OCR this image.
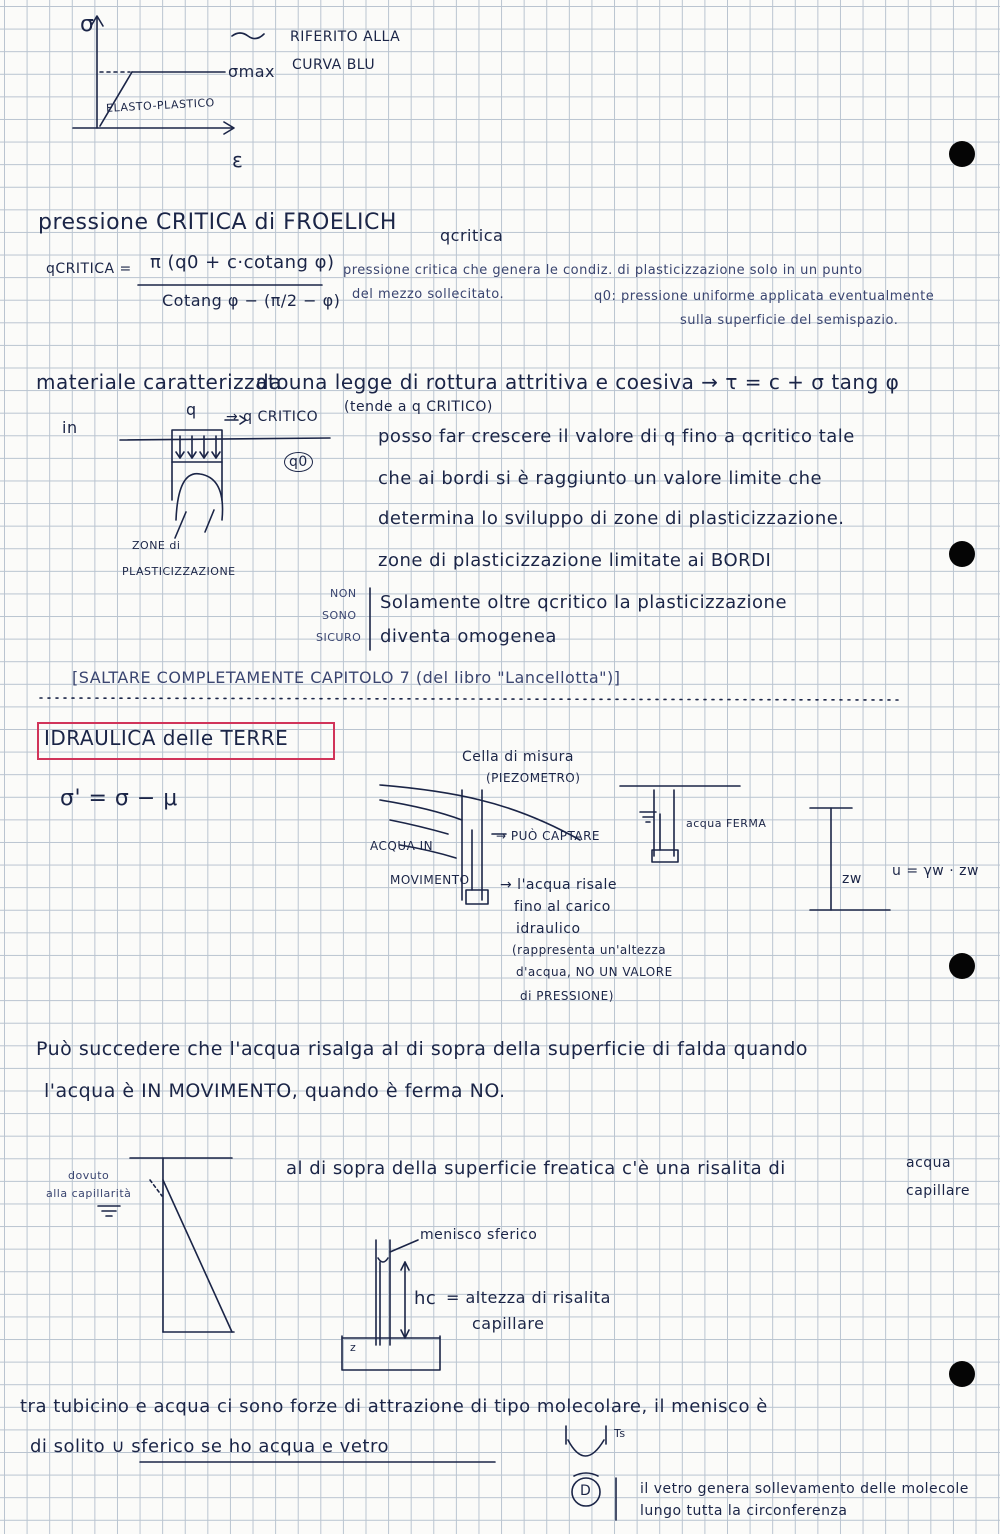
σ
ε
σmax
ELASTO-PLASTICO
RIFERITO ALLA
CURVA BLU
pressione CRITICA di FROELICH
qcritica
qCRITICA = π (q0 + c·cotang φ)
Cotang φ − (π/2 − φ)
pressione critica che genera le condiz. di plasticizzazione solo in un punto
del mezzo sollecitato.	q0: pressione uniforme applicata eventualmente
sulla superficie del semispazio.
materiale caratterizzato
da una legge di rottura attritiva e coesiva → τ = c + σ tang φ
in
q → q CRITICO
(tende a q CRITICO)
q0
ZONE di
PLASTICIZZAZIONE
posso far crescere il valore di q fino a qcritico tale
che ai bordi si è raggiunto un valore limite che
determina lo sviluppo di zone di plasticizzazione.
zone di plasticizzazione limitate ai BORDI
Solamente oltre qcritico la plasticizzazione
diventa omogenea
NON
SONO
SICURO
[SALTARE COMPLETAMENTE CAPITOLO 7 (del libro "Lancellotta")]
IDRAULICA delle TERRE
σ' = σ − μ
Cella di misura
(PIEZOMETRO)
→ PUÒ CAPTARE
ACQUA IN
MOVIMENTO → l'acqua risale
fino al carico
idraulico
(rappresenta un'altezza
d'acqua, NO UN VALORE
di PRESSIONE)
acqua FERMA
zw u = γw · zw
Può succedere che l'acqua risalga al di sopra della superficie di falda quando
l'acqua è IN MOVIMENTO, quando è ferma NO.
dovuto
alla capillarità
al di sopra della superficie freatica c'è una risalita di	acqua
capillare
menisco sferico
hc = altezza di risalita
capillare
z
tra tubicino e acqua ci sono forze di attrazione di tipo molecolare, il menisco è
di solito ∪ sferico se ho acqua e vetro
Ts
D	il vetro genera sollevamento delle molecole
lungo tutta la circonferenza
